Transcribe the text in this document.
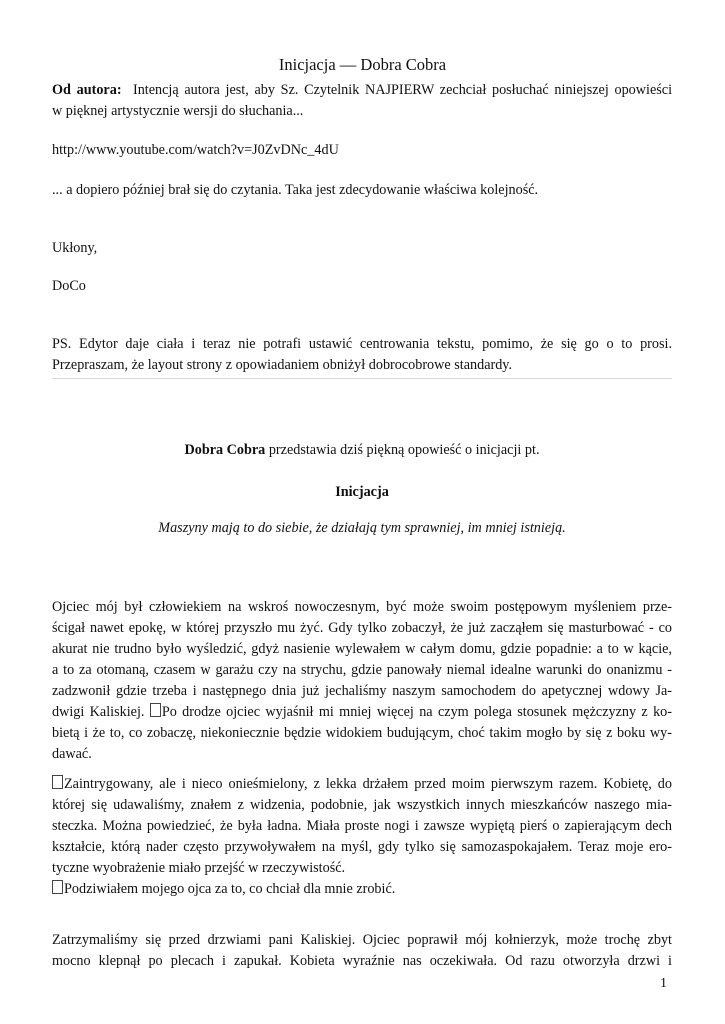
Inicjacja — Dobra Cobra
Od autora: Intencją autora jest, aby Sz. Czytelnik NAJPIERW zechciał posłuchać niniejszej opowieści
w pięknej artystycznie wersji do słuchania...
http://www.youtube.com/watch?v=J0ZvDNc_4dU
... a dopiero później brał się do czytania. Taka jest zdecydowanie właściwa kolejność.
Ukłony,
DoCo
PS. Edytor daje ciała i teraz nie potrafi ustawić centrowania tekstu, pomimo, że się go o to prosi.
Przepraszam, że layout strony z opowiadaniem obniżył dobrocobrowe standardy.
Dobra Cobra przedstawia dziś piękną opowieść o inicjacji pt.
Inicjacja
Maszyny mają to do siebie, że działają tym sprawniej, im mniej istnieją.
Ojciec mój był człowiekiem na wskroś nowoczesnym, być może swoim postępowym myśleniem prze-
ścigał nawet epokę, w której przyszło mu żyć. Gdy tylko zobaczył, że już zacząłem się masturbować - co
akurat nie trudno było wyśledzić, gdyż nasienie wylewałem w całym domu, gdzie popadnie: a to w kącie,
a to za otomaną, czasem w garażu czy na strychu, gdzie panowały niemal idealne warunki do onanizmu -
zadzwonił gdzie trzeba i następnego dnia już jechaliśmy naszym samochodem do apetycznej wdowy Ja-
dwigi Kaliskiej. Po drodze ojciec wyjaśnił mi mniej więcej na czym polega stosunek mężczyzny z ko-
bietą i że to, co zobaczę, niekoniecznie będzie widokiem budującym, choć takim mogło by się z boku wy-
dawać.
Zaintrygowany, ale i nieco onieśmielony, z lekka drżałem przed moim pierwszym razem. Kobietę, do
której się udawaliśmy, znałem z widzenia, podobnie, jak wszystkich innych mieszkańców naszego mia-
steczka. Można powiedzieć, że była ładna. Miała proste nogi i zawsze wypiętą pierś o zapierającym dech
kształcie, którą nader często przywoływałem na myśl, gdy tylko się samozaspokajałem. Teraz moje ero-
tyczne wyobrażenie miało przejść w rzeczywistość.
Podziwiałem mojego ojca za to, co chciał dla mnie zrobić.
Zatrzymaliśmy się przed drzwiami pani Kaliskiej. Ojciec poprawił mój kołnierzyk, może trochę zbyt
mocno klepnął po plecach i zapukał. Kobieta wyraźnie nas oczekiwała. Od razu otworzyła drzwi i
1
